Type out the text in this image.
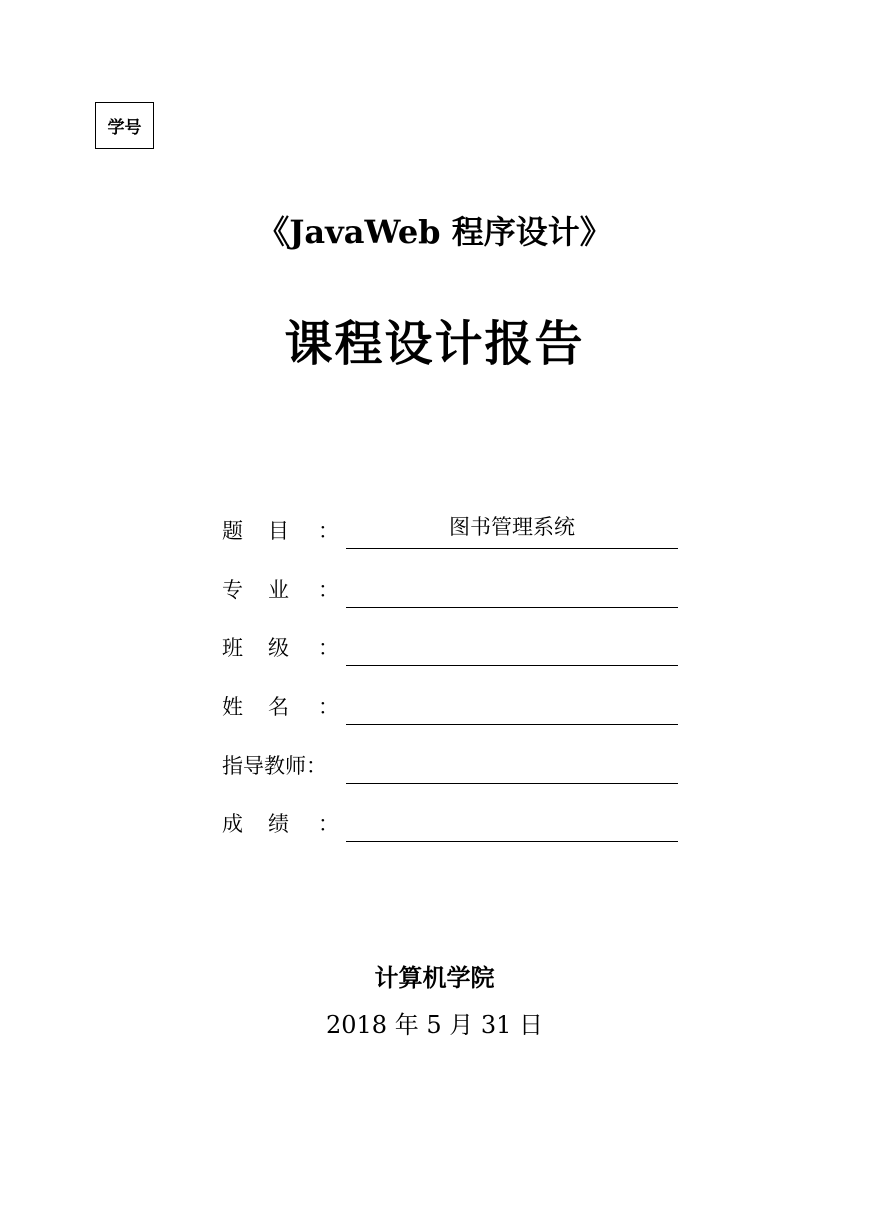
学号
《JavaWeb 程序设计》
课程设计报告
题 目 ：	图书管理系统
专 业 ：
班 级 ：
姓 名 ：
指导教师：
成 绩 ：
计算机学院
2018 年 5 月 31 日
